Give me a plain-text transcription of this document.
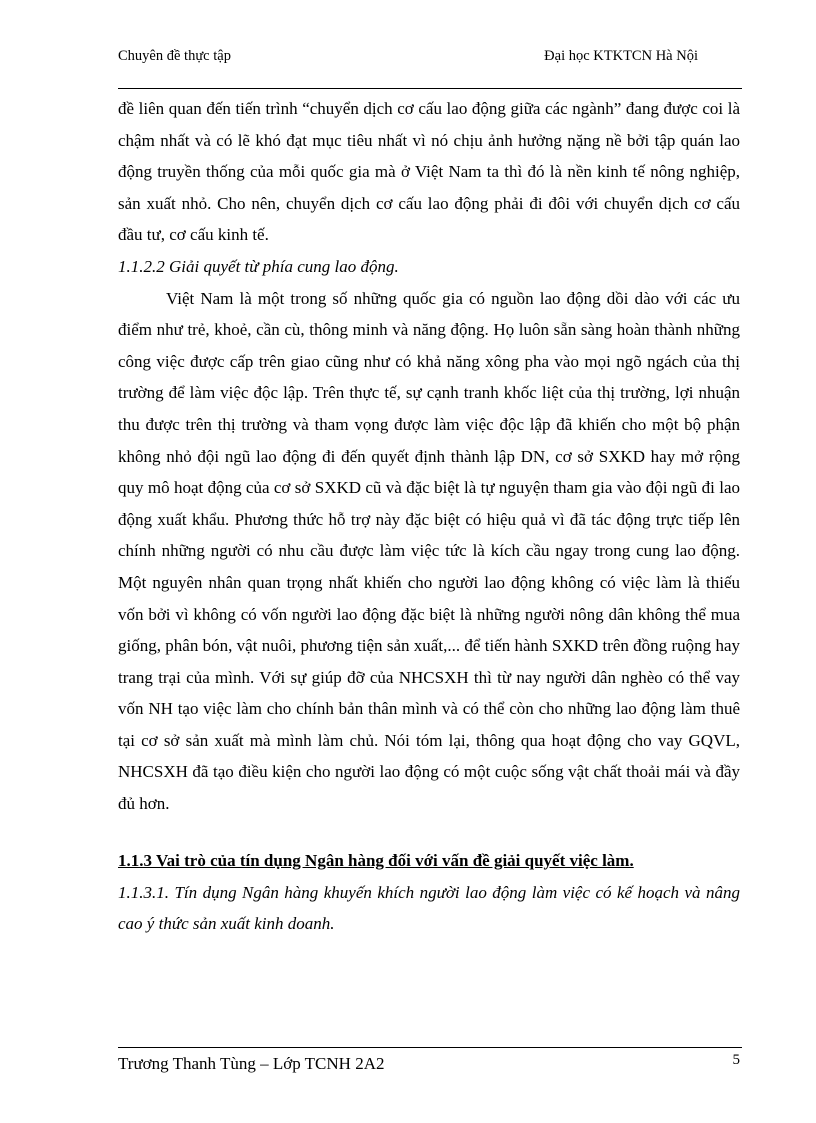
Chuyên đề thực tập	Đại học KTKTCN Hà Nội

đề liên quan đến tiến trình “chuyển dịch cơ cấu lao động giữa các ngành” đang được coi là chậm nhất và có lẽ khó đạt mục tiêu nhất vì nó chịu ảnh hưởng nặng nề bởi tập quán lao động truyền thống của mỗi quốc gia mà ở Việt Nam ta thì đó là nền kinh tế nông nghiệp, sản xuất nhỏ. Cho nên, chuyển dịch cơ cấu lao động phải đi đôi với chuyển dịch cơ cấu đầu tư, cơ cấu kinh tế.

1.1.2.2 Giải quyết từ phía cung lao động.

Việt Nam là một trong số những quốc gia có nguồn lao động dồi dào với các ưu điểm như trẻ, khoẻ, cần cù, thông minh và năng động. Họ luôn sẵn sàng hoàn thành những công việc được cấp trên giao cũng như có khả năng xông pha vào mọi ngõ ngách của thị trường để làm việc độc lập. Trên thực tế, sự cạnh tranh khốc liệt của thị trường, lợi nhuận thu được trên thị trường và tham vọng được làm việc độc lập đã khiến cho một bộ phận không nhỏ đội ngũ lao động đi đến quyết định thành lập DN, cơ sở SXKD hay mở rộng quy mô hoạt động của cơ sở SXKD cũ và đặc biệt là tự nguyện tham gia vào đội ngũ đi lao động xuất khẩu. Phương thức hỗ trợ này đặc biệt có hiệu quả vì đã tác động trực tiếp lên chính những người có nhu cầu được làm việc tức là kích cầu ngay trong cung lao động. Một nguyên nhân quan trọng nhất khiến cho người lao động không có việc làm là thiếu vốn bởi vì không có vốn người lao động đặc biệt là những người nông dân không thể mua giống, phân bón, vật nuôi, phương tiện sản xuất,... để tiến hành SXKD trên đồng ruộng hay trang trại của mình. Với sự giúp đỡ của NHCSXH thì từ nay người dân nghèo có thể vay vốn NH tạo việc làm cho chính bản thân mình và có thể còn cho những lao động làm thuê tại cơ sở sản xuất mà mình làm chủ. Nói tóm lại, thông qua hoạt động cho vay GQVL, NHCSXH đã tạo điều kiện cho người lao động có một cuộc sống vật chất thoải mái và đầy đủ hơn.

1.1.3 Vai trò của tín dụng Ngân hàng đối với vấn đề giải quyết việc làm.

1.1.3.1. Tín dụng Ngân hàng khuyến khích người lao động làm việc có kế hoạch và nâng cao ý thức sản xuất kinh doanh.

Trương Thanh Tùng – Lớp TCNH 2A2	5
